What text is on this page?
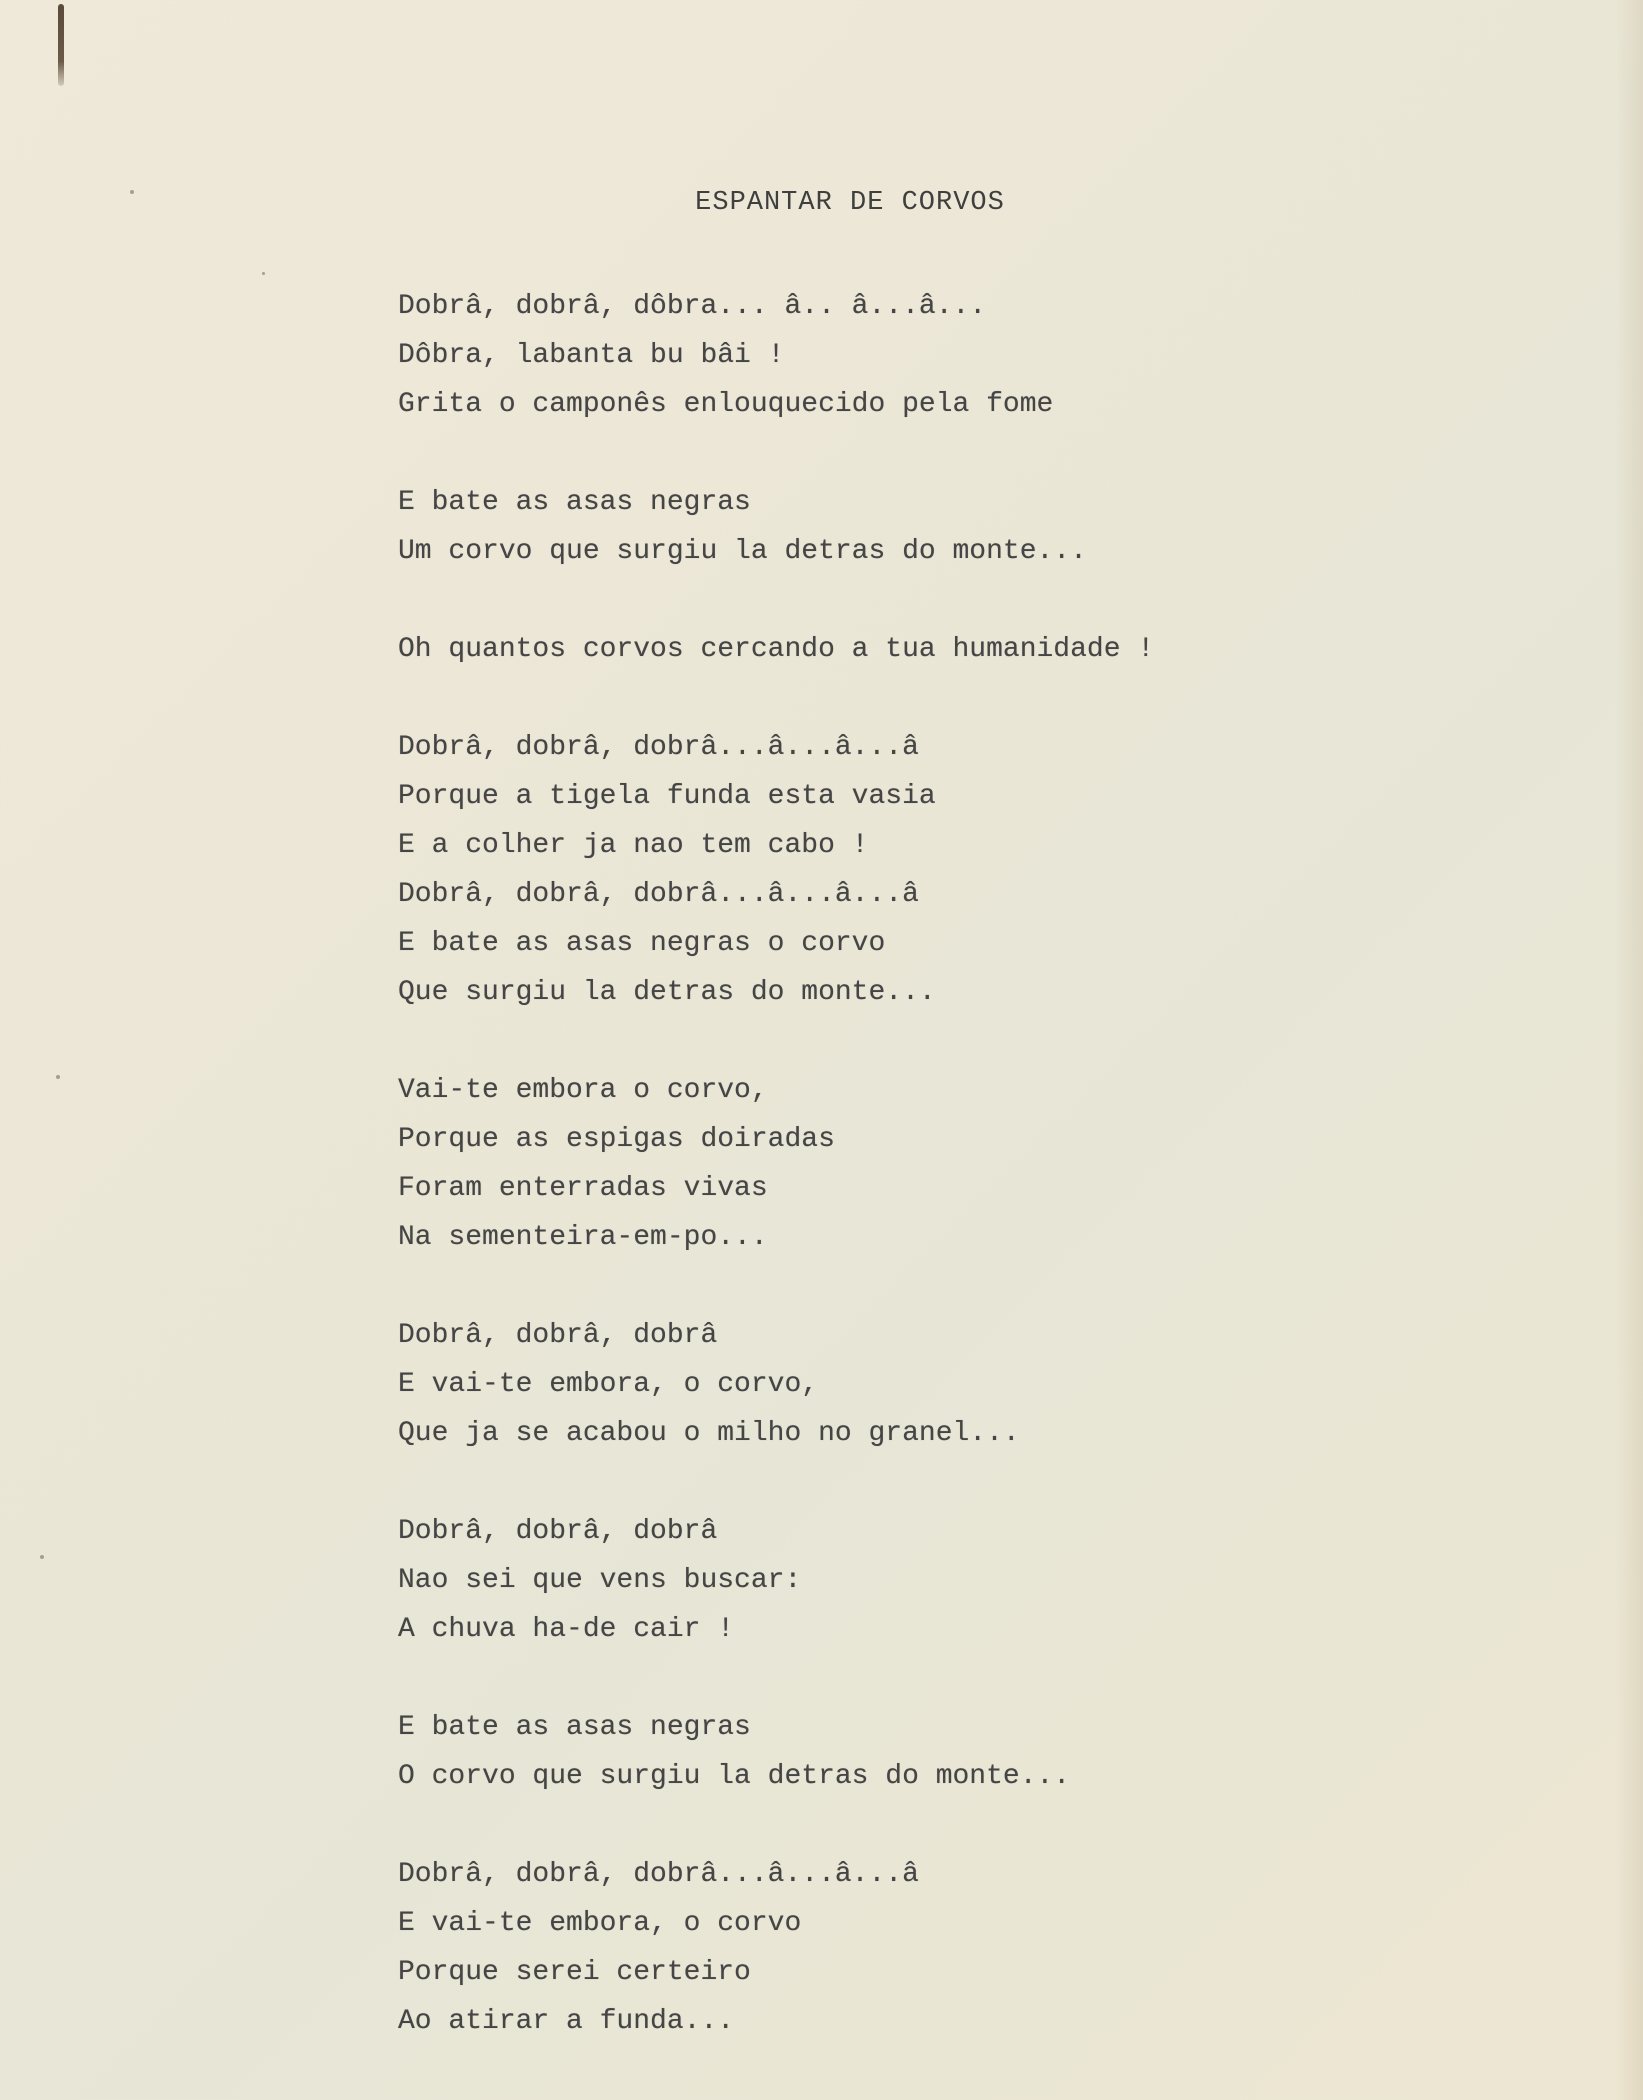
ESPANTAR DE CORVOS
Dobrâ, dobrâ, dôbra... â.. â...â...
Dôbra, labanta bu bâi !
Grita o camponês enlouquecido pela fome
E bate as asas negras
Um corvo que surgiu la detras do monte...
Oh quantos corvos cercando a tua humanidade !
Dobrâ, dobrâ, dobrâ...â...â...â
Porque a tigela funda esta vasia
E a colher ja nao tem cabo !
Dobrâ, dobrâ, dobrâ...â...â...â
E bate as asas negras o corvo
Que surgiu la detras do monte...
Vai-te embora o corvo,
Porque as espigas doiradas
Foram enterradas vivas
Na sementeira-em-po...
Dobrâ, dobrâ, dobrâ
E vai-te embora, o corvo,
Que ja se acabou o milho no granel...
Dobrâ, dobrâ, dobrâ
Nao sei que vens buscar:
A chuva ha-de cair !
E bate as asas negras
O corvo que surgiu la detras do monte...
Dobrâ, dobrâ, dobrâ...â...â...â
E vai-te embora, o corvo
Porque serei certeiro
Ao atirar a funda...
